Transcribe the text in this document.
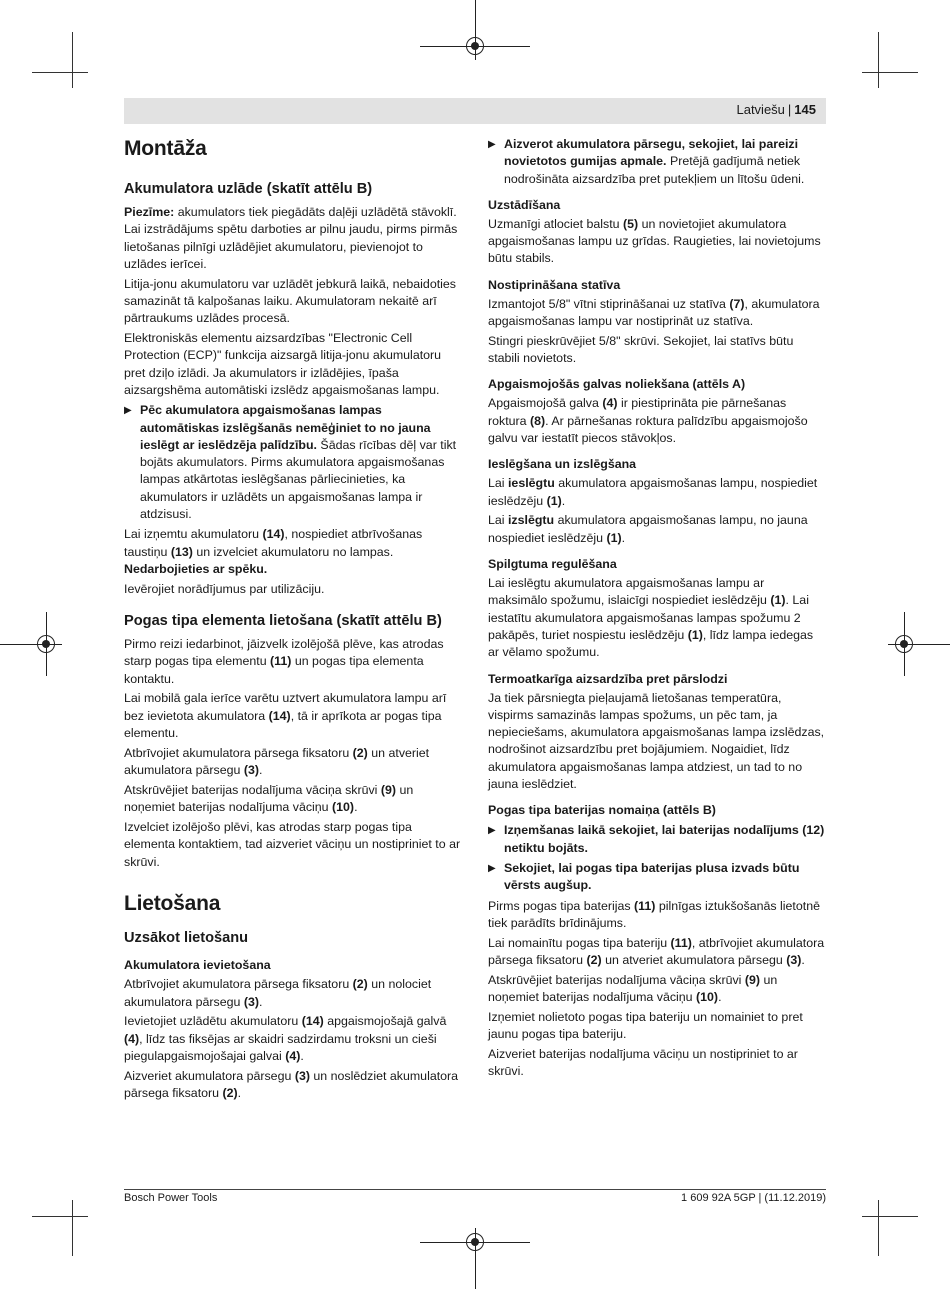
Latviešu | 145
Montāža
Akumulatora uzlāde (skatīt attēlu B)

Piezīme: akumulators tiek piegādāts daļēji uzlādētā stāvoklī. Lai izstrādājums spētu darboties ar pilnu jaudu, pirms pirmās lietošanas pilnīgi uzlādējiet akumulatoru, pievienojot to uzlādes ierīcei.

Litija-jonu akumulatoru var uzlādēt jebkurā laikā, nebaidoties samazināt tā kalpošanas laiku. Akumulatoram nekaitē arī pārtraukums uzlādes procesā.

Elektroniskās elementu aizsardzības "Electronic Cell Protection (ECP)" funkcija aizsargā litija-jonu akumulatoru pret dziļo izlādi. Ja akumulators ir izlādējies, īpaša aizsargshēma automātiski izslēdz apgaismošanas lampu.

▶ Pēc akumulatora apgaismošanas lampas automātiskas izslēgšanās nemēģiniet to no jauna ieslēgt ar ieslēdzēja palīdzību. Šādas rīcības dēļ var tikt bojāts akumulators. Pirms akumulatora apgaismošanas lampas atkārtotas ieslēgšanas pārliecinieties, ka akumulators ir uzlādēts un apgaismošanas lampa ir atdzisusi.

Lai izņemtu akumulatoru (14), nospiediet atbrīvošanas taustiņu (13) un izvelciet akumulatoru no lampas.
Nedarbojieties ar spēku.

Ievērojiet norādījumus par utilizāciju.

Pogas tipa elementa lietošana (skatīt attēlu B)

Pirmo reizi iedarbinot, jāizvelk izolējošā plēve, kas atrodas starp pogas tipa elementu (11) un pogas tipa elementa kontaktu.

Lai mobilā gala ierīce varētu uztvert akumulatora lampu arī bez ievietota akumulatora (14), tā ir aprīkota ar pogas tipa elementu.

Atbrīvojiet akumulatora pārsega fiksatoru (2) un atveriet akumulatora pārsegu (3).

Atskrūvējiet baterijas nodalījuma vāciņa skrūvi (9) un noņemiet baterijas nodalījuma vāciņu (10).

Izvelciet izolējošo plēvi, kas atrodas starp pogas tipa elementa kontaktiem, tad aizveriet vāciņu un nostipriniet to ar skrūvi.

Lietošana
Uzsākot lietošanu
Akumulatora ievietošana

Atbrīvojiet akumulatora pārsega fiksatoru (2) un nolociet akumulatora pārsegu (3).

Ievietojiet uzlādētu akumulatoru (14) apgaismojošajā galvā (4), līdz tas fiksējas ar skaidri sadzirdamu troksni un cieši piegulapgaismojošajai galvai (4).

Aizveriet akumulatora pārsegu (3) un noslēdziet akumulatora pārsega fiksatoru (2).

▶ Aizverot akumulatora pārsegu, sekojiet, lai pareizi novietotos gumijas apmale. Pretējā gadījumā netiek nodrošināta aizsardzība pret putekļiem un lītošu ūdeni.
Uzstādīšana

Uzmanīgi atlociet balstu (5) un novietojiet akumulatora apgaismošanas lampu uz grīdas. Raugieties, lai novietojums būtu stabils.

Nostiprināšana statīva

Izmantojot 5/8" vītni stiprināšanai uz statīva (7), akumulatora apgaismošanas lampu var nostiprināt uz statīva.

Stingri pieskrūvējiet 5/8" skrūvi. Sekojiet, lai statīvs būtu stabili novietots.

Apgaismojošās galvas noliekšana (attēls A)

Apgaismojošā galva (4) ir piestiprināta pie pārnešanas roktura (8). Ar pārnešanas roktura palīdzību apgaismojošo galvu var iestatīt piecos stāvokļos.

Ieslēgšana un izslēgšana

Lai ieslēgtu akumulatora apgaismošanas lampu, nospiediet ieslēdzēju (1).

Lai izslēgtu akumulatora apgaismošanas lampu, no jauna nospiediet ieslēdzēju (1).

Spilgtuma regulēšana

Lai ieslēgtu akumulatora apgaismošanas lampu ar maksimālo spožumu, islaicīgi nospiediet ieslēdzēju (1). Lai iestatītu akumulatora apgaismošanas lampas spožumu 2 pakāpēs, turiet nospiestu ieslēdzēju (1), līdz lampa iedegas ar vēlamo spožumu.

Termoatkarīga aizsardzība pret pārslodzi

Ja tiek pārsniegta pieļaujamā lietošanas temperatūra, vispirms samazinās lampas spožums, un pēc tam, ja nepieciešams, akumulatora apgaismošanas lampa izslēdzas, nodrošinot aizsardzību pret bojājumiem. Nogaidiet, līdz akumulatora apgaismošanas lampa atdziest, un tad to no jauna ieslēdziet.

Pogas tipa baterijas nomaiņa (attēls B)
▶ Izņemšanas laikā sekojiet, lai baterijas nodalījums (12) netiktu bojāts.
▶ Sekojiet, lai pogas tipa baterijas plusa izvads būtu vērsts augšup.

Pirms pogas tipa baterijas (11) pilnīgas iztukšošanās lietotnē tiek parādīts brīdinājums.

Lai nomainītu pogas tipa bateriju (11), atbrīvojiet akumulatora pārsega fiksatoru (2) un atveriet akumulatora pārsegu (3).

Atskrūvējiet baterijas nodalījuma vāciņa skrūvi (9) un noņemiet baterijas nodalījuma vāciņu (10).

Izņemiet nolietoto pogas tipa bateriju un nomainiet to pret jaunu pogas tipa bateriju.

Aizveriet baterijas nodalījuma vāciņu un nostipriniet to ar skrūvi.

Bosch Power Tools	1 609 92A 5GP | (11.12.2019)
